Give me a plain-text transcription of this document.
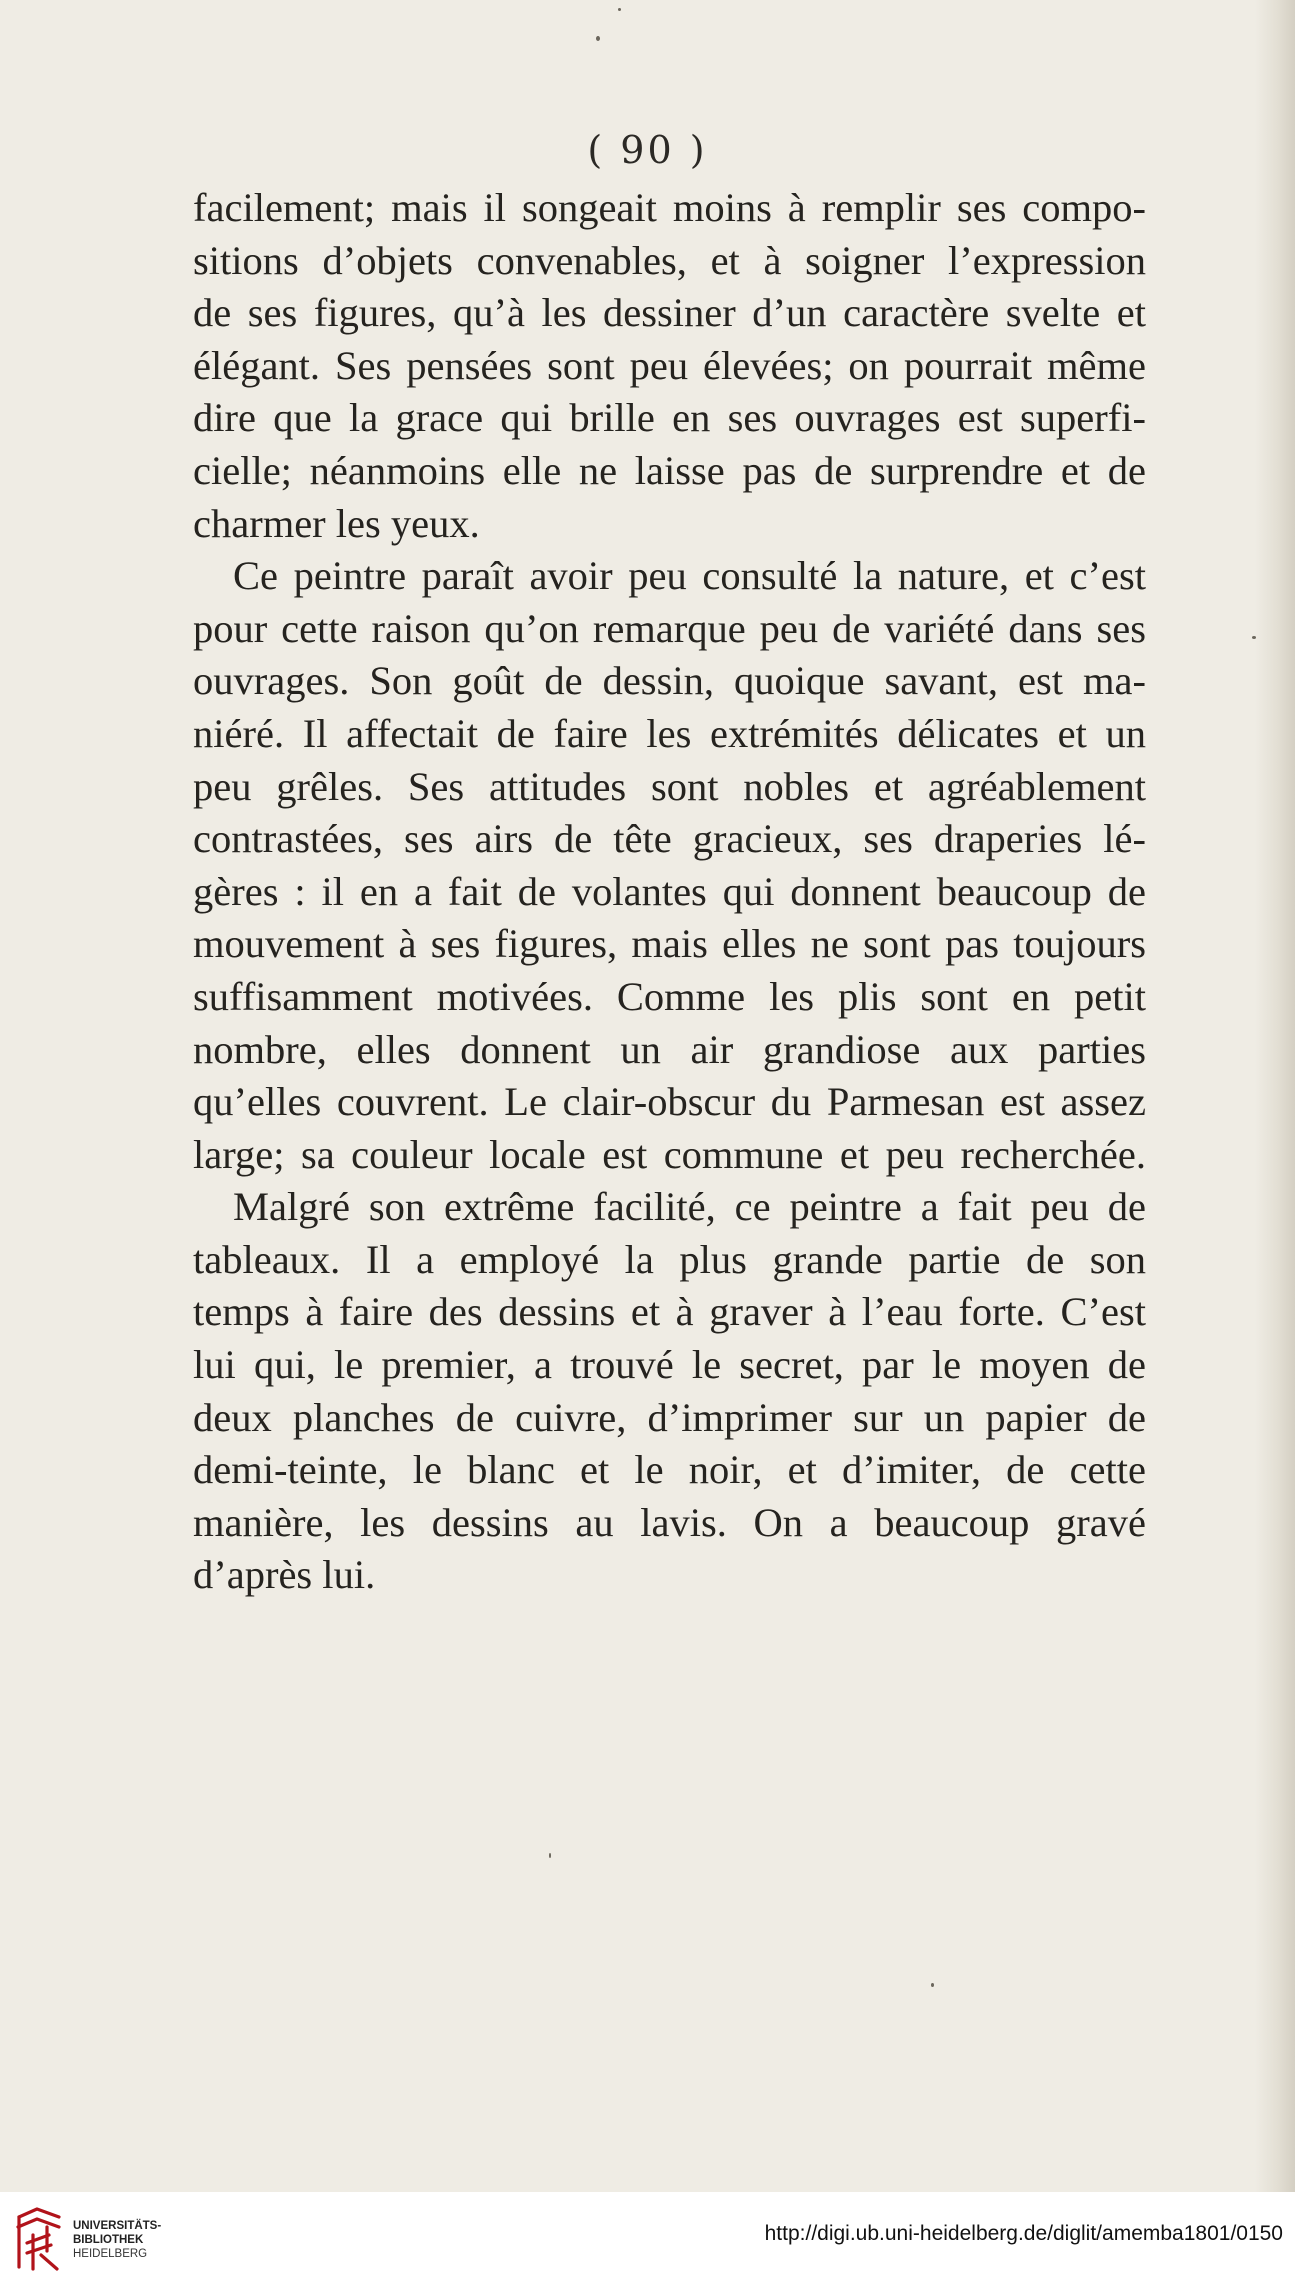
( 90 )
facilement; mais il songeait moins à remplir ses compo-
sitions d’objets convenables, et à soigner l’expression
de ses figures, qu’à les dessiner d’un caractère svelte et
élégant. Ses pensées sont peu élevées; on pourrait même
dire que la grace qui brille en ses ouvrages est superfi-
cielle; néanmoins elle ne laisse pas de surprendre et de
charmer les yeux.
Ce peintre paraît avoir peu consulté la nature, et c’est
pour cette raison qu’on remarque peu de variété dans ses
ouvrages. Son goût de dessin, quoique savant, est ma-
niéré. Il affectait de faire les extrémités délicates et un
peu grêles. Ses attitudes sont nobles et agréablement
contrastées, ses airs de tête gracieux, ses draperies lé-
gères : il en a fait de volantes qui donnent beaucoup de
mouvement à ses figures, mais elles ne sont pas toujours
suffisamment motivées. Comme les plis sont en petit
nombre, elles donnent un air grandiose aux parties
qu’elles couvrent. Le clair-obscur du Parmesan est assez
large; sa couleur locale est commune et peu recherchée.
Malgré son extrême facilité, ce peintre a fait peu de
tableaux. Il a employé la plus grande partie de son
temps à faire des dessins et à graver à l’eau forte. C’est
lui qui, le premier, a trouvé le secret, par le moyen de
deux planches de cuivre, d’imprimer sur un papier de
demi-teinte, le blanc et le noir, et d’imiter, de cette
manière, les dessins au lavis. On a beaucoup gravé
d’après lui.
UNIVERSITÄTS-
BIBLIOTHEK
HEIDELBERG
http://digi.ub.uni-heidelberg.de/diglit/amemba1801/0150
